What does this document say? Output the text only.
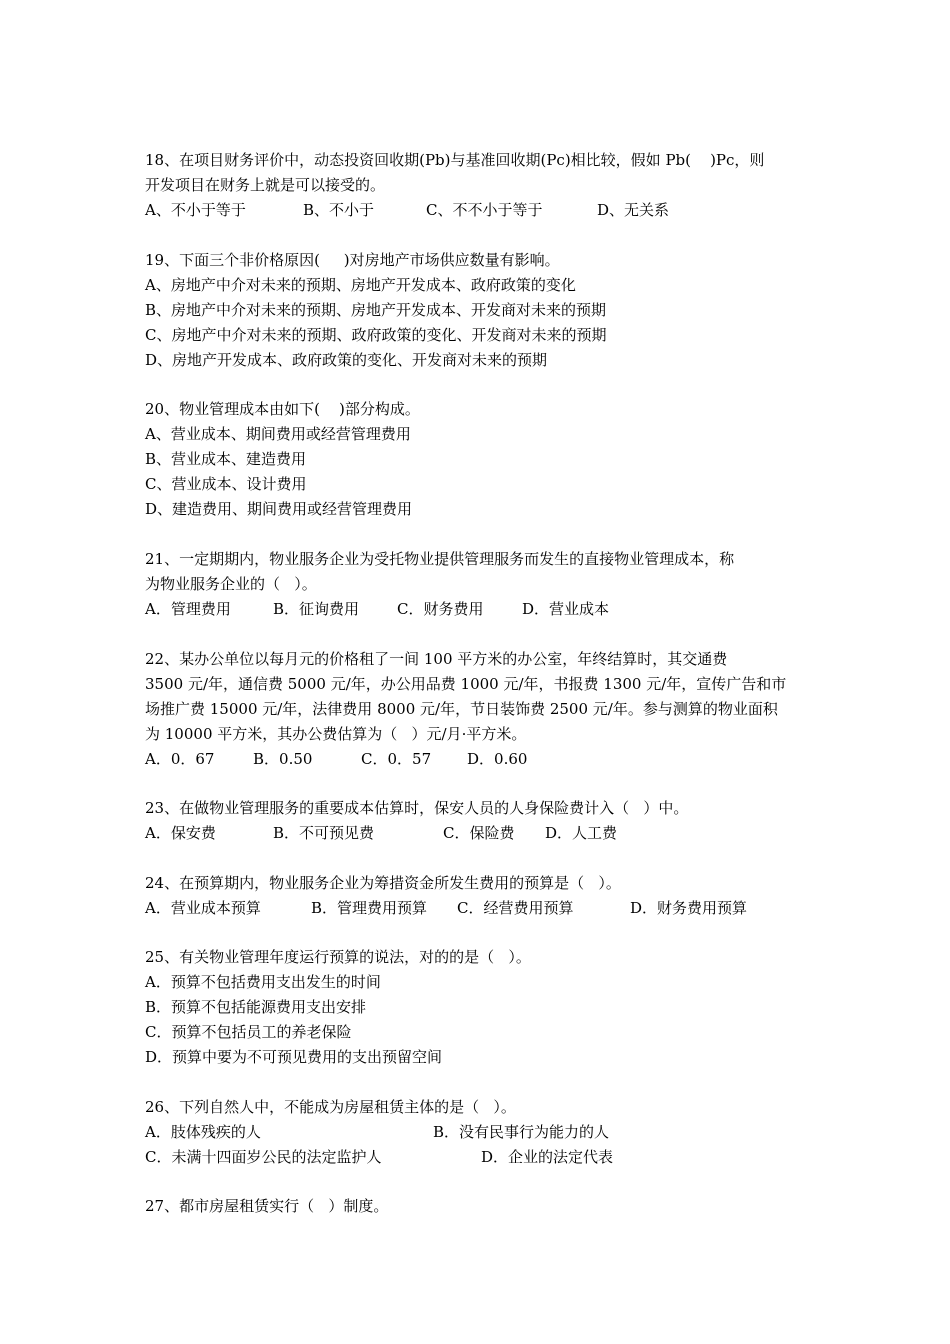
18、在项目财务评价中，动态投资回收期(Pb)与基准回收期(Pc)相比较，假如 Pb(    )Pc，则
开发项目在财务上就是可以接受的。
A、不小于等于	B、不小于	C、不不小于等于	D、无关系
19、下面三个非价格原因(     )对房地产市场供应数量有影响。
A、房地产中介对未来的预期、房地产开发成本、政府政策的变化
B、房地产中介对未来的预期、房地产开发成本、开发商对未来的预期
C、房地产中介对未来的预期、政府政策的变化、开发商对未来的预期
D、房地产开发成本、政府政策的变化、开发商对未来的预期
20、物业管理成本由如下(    )部分构成。
A、营业成本、期间费用或经营管理费用
B、营业成本、建造费用
C、营业成本、设计费用
D、建造费用、期间费用或经营管理费用
21、一定期期内，物业服务企业为受托物业提供管理服务而发生的直接物业管理成本，称
为物业服务企业的（   ）。
A．管理费用	B．征询费用	C．财务费用	D．营业成本
22、某办公单位以每月元的价格租了一间 100 平方米的办公室，年终结算时，其交通费
3500 元/年，通信费 5000 元/年，办公用品费 1000 元/年，书报费 1300 元/年，宣传广告和市
场推广费 15000 元/年，法律费用 8000 元/年，节日装饰费 2500 元/年。参与测算的物业面积
为 10000 平方米，其办公费估算为（   ）元/月·平方米。
A．0．67	B．0.50	C．0．57 D．0.60
23、在做物业管理服务的重要成本估算时，保安人员的人身保险费计入（   ）中。
A．保安费	B．不可预见费	C．保险费 D．人工费
24、在预算期内，物业服务企业为筹措资金所发生费用的预算是（   ）。
A．营业成本预算	B．管理费用预算 C．经营费用预算	D．财务费用预算
25、有关物业管理年度运行预算的说法，对的的是（   ）。
A．预算不包括费用支出发生的时间
B．预算不包括能源费用支出安排
C．预算不包括员工的养老保险
D．预算中要为不可预见费用的支出预留空间
26、下列自然人中，不能成为房屋租赁主体的是（   ）。
A．肢体残疾的人	B．没有民事行为能力的人
C．未满十四面岁公民的法定监护人	D．企业的法定代表
27、都市房屋租赁实行（   ）制度。
